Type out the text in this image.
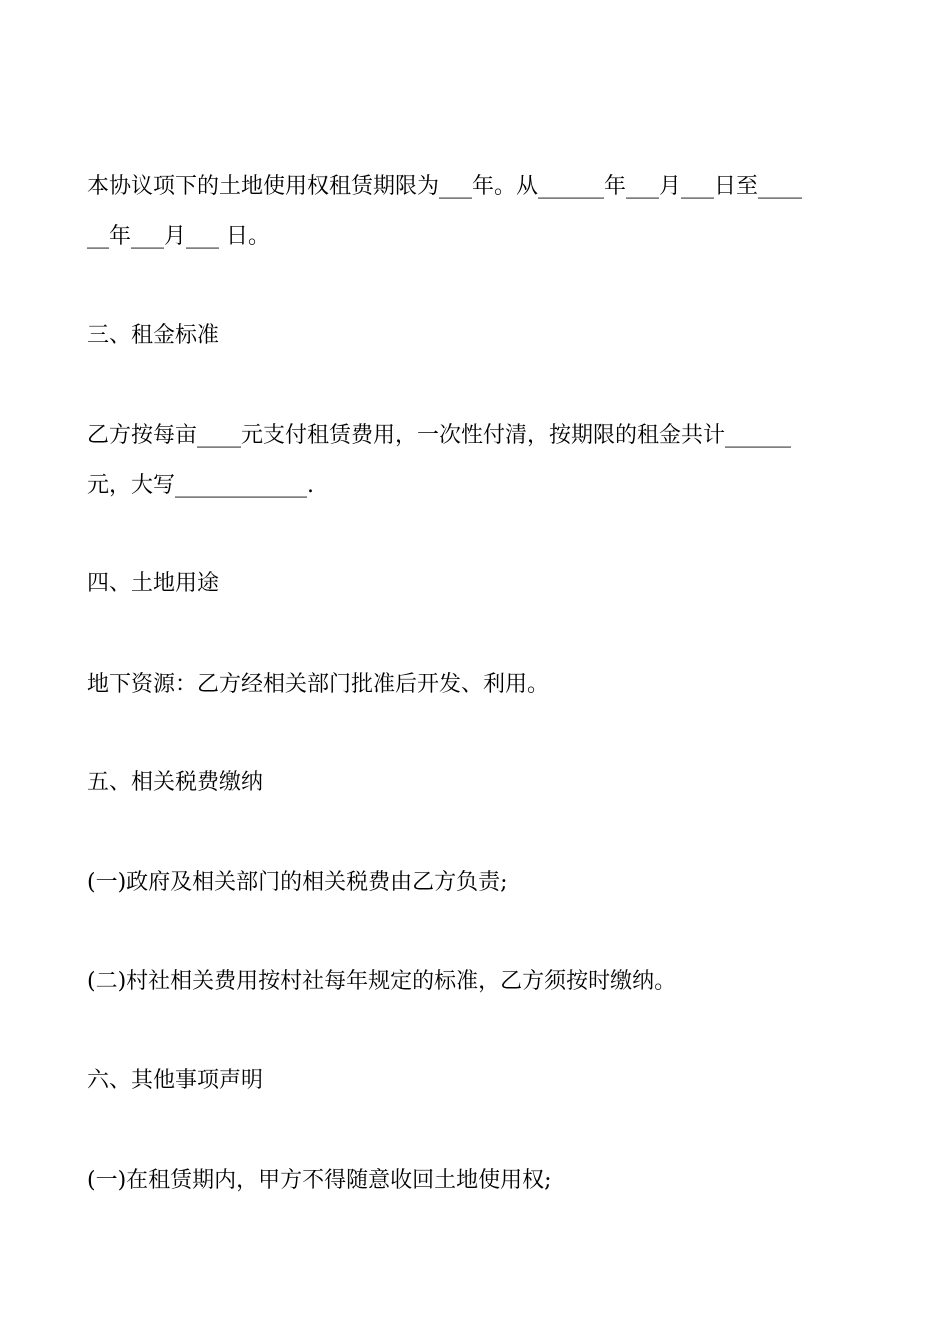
本协议项下的土地使用权租赁期限为___年。从______年___月___日至____
__年___月___ 日。
三、租金标准
乙方按每亩____元支付租赁费用，一次性付清，按期限的租金共计______
元，大写____________.
四、土地用途
地下资源：乙方经相关部门批准后开发、利用。
五、相关税费缴纳
(一)政府及相关部门的相关税费由乙方负责;
(二)村社相关费用按村社每年规定的标准，乙方须按时缴纳。
六、其他事项声明
(一)在租赁期内，甲方不得随意收回土地使用权;
